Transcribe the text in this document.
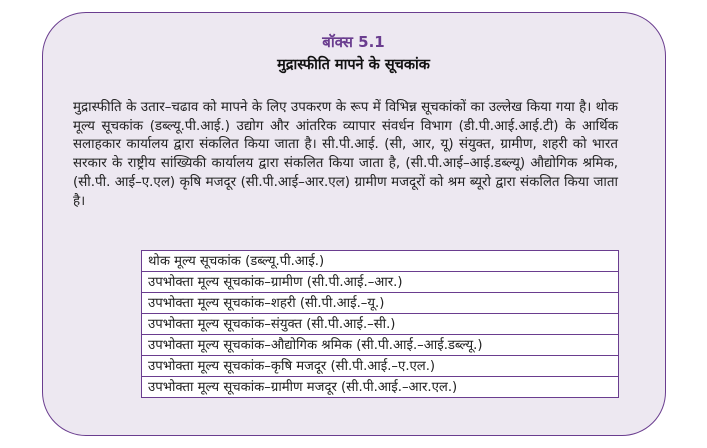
बॉक्स 5.1
मुद्रास्फीति मापने के सूचकांक
मुद्रास्फीति के उतार–चढाव को मापने के लिए उपकरण के रूप में विभिन्न सूचकांकों का उल्लेख किया गया है। थोक मूल्य सूचकांक (डब्ल्यू.पी.आई.) उद्योग और आंतरिक व्यापार संवर्धन विभाग (डी.पी.आई.आई.टी) के आर्थिक सलाहकार कार्यालय द्वारा संकलित किया जाता है। सी.पी.आई. (सी, आर, यू) संयुक्त, ग्रामीण, शहरी को भारत सरकार के राष्ट्रीय सांख्यिकी कार्यालय द्वारा संकलित किया जाता है, (सी.पी.आई–आई.डब्ल्यू) औद्योगिक श्रमिक, (सी.पी. आई–ए.एल) कृषि मजदूर (सी.पी.आई–आर.एल) ग्रामीण मजदूरों को श्रम ब्यूरो द्वारा संकलित किया जाता है।
थोक मूल्य सूचकांक (डब्ल्यू.पी.आई.)
उपभोक्ता मूल्य सूचकांक–ग्रामीण (सी.पी.आई.–आर.)
उपभोक्ता मूल्य सूचकांक–शहरी (सी.पी.आई.–यू.)
उपभोक्ता मूल्य सूचकांक–संयुक्त (सी.पी.आई.–सी.)
उपभोक्ता मूल्य सूचकांक–औद्योगिक श्रमिक (सी.पी.आई.–आई.डब्ल्यू.)
उपभोक्ता मूल्य सूचकांक–कृषि मजदूर (सी.पी.आई.–ए.एल.)
उपभोक्ता मूल्य सूचकांक–ग्रामीण मजदूर (सी.पी.आई.–आर.एल.)
